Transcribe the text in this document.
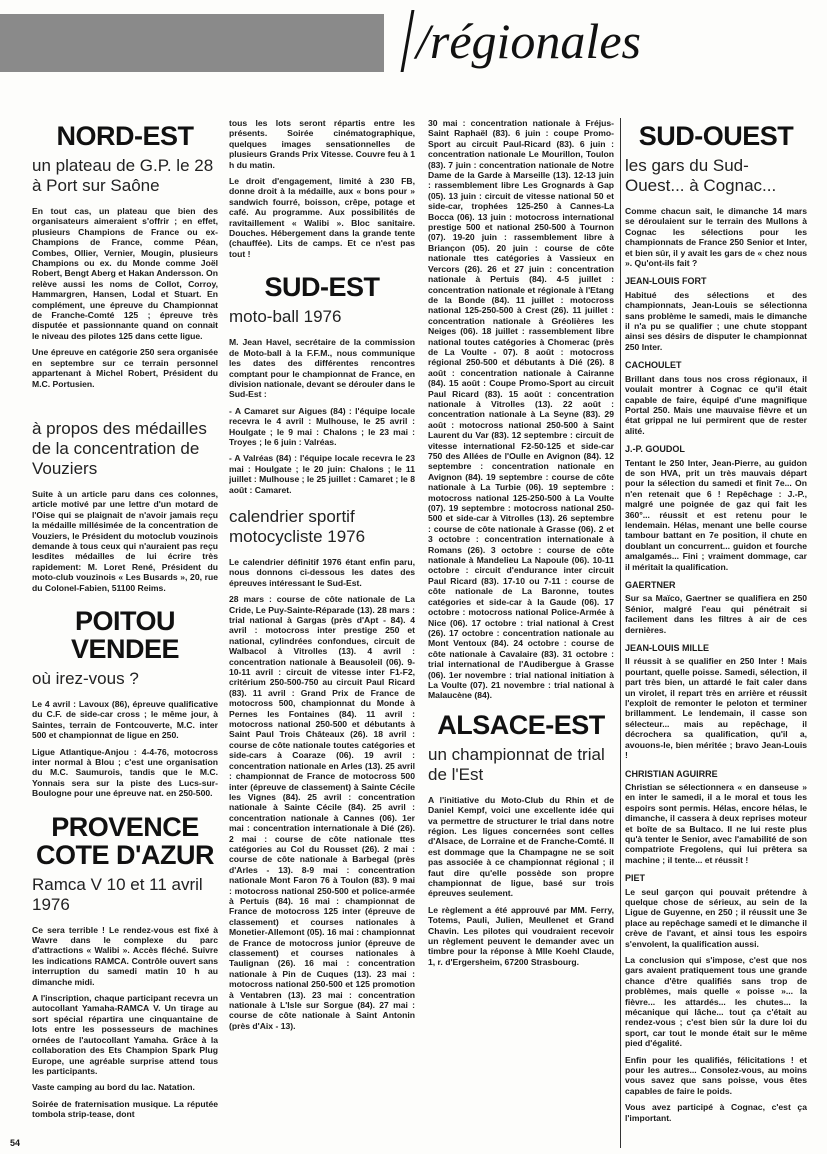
/régionales
NORD-EST
un plateau de G.P. le 28 à Port sur Saône

En tout cas, un plateau que bien des organisateurs aimeraient s'offrir ; en effet, plusieurs Champions de France ou ex-Champions de France, comme Péan, Combes, Ollier, Vernier, Mougin, plusieurs Champions ou ex. du Monde comme Joël Robert, Bengt Aberg et Hakan Andersson. On relève aussi les noms de Collot, Corroy, Hammargren, Hansen, Lodal et Stuart. En complément, une épreuve du Championnat de Franche-Comté 125 ; épreuve très disputée et passionnante quand on connait le niveau des pilotes 125 dans cette ligue.

Une épreuve en catégorie 250 sera organisée en septembre sur ce terrain personnel appartenant à Michel Robert, Président du M.C. Portusien.

à propos des médailles de la concentration de Vouziers

Suite à un article paru dans ces colonnes, article motivé par une lettre d'un motard de l'Oise qui se plaignait de n'avoir jamais reçu la médaille millésimée de la concentration de Vouziers, le Président du motoclub vouzinois demande à tous ceux qui n'auraient pas reçu lesdites médailles de lui écrire très rapidement: M. Loret René, Président du moto-club vouzinois « Les Busards », 20, rue du Colonel-Fabien, 51100 Reims.

POITOU VENDEE
où irez-vous ?

Le 4 avril : Lavoux (86), épreuve qualificative du C.F. de side-car cross ; le même jour, à Saintes, terrain de Fontcouverte, M.C. inter 500 et championnat de ligue en 250.

Ligue Atlantique-Anjou : 4-4-76, motocross inter normal à Blou ; c'est une organisation du M.C. Saumurois, tandis que le M.C. Yonnais sera sur la piste des Lucs-sur-Boulogne pour une épreuve nat. en 250-500.

PROVENCE COTE D'AZUR
Ramca V 10 et 11 avril 1976

Ce sera terrible ! Le rendez-vous est fixé à Wavre dans le complexe du parc d'attractions « Walibi ». Accès fléché. Suivre les indications RAMCA. Contrôle ouvert sans interruption du samedi matin 10 h au dimanche midi.

A l'inscription, chaque participant recevra un autocollant Yamaha-RAMCA V. Un tirage au sort spécial répartira une cinquantaine de lots entre les possesseurs de machines ornées de l'autocollant Yamaha. Grâce à la collaboration des Ets Champion Spark Plug Europe, une agréable surprise attend tous les participants.

Vaste camping au bord du lac. Natation.

Soirée de fraternisation musique. La réputée tombola strip-tease, dont

tous les lots seront répartis entre les présents. Soirée cinématographique, quelques images sensationnelles de plusieurs Grands Prix Vitesse. Couvre feu à 1 h du matin.

Le droit d'engagement, limité à 230 FB, donne droit à la médaille, aux « bons pour » sandwich fourré, boisson, crêpe, potage et café. Au programme. Aux possibilités de ravitaillement « Walibi ». Bloc sanitaire. Douches. Hébergement dans la grande tente (chauffée). Lits de camps. Et ce n'est pas tout !

SUD-EST
moto-ball 1976

M. Jean Havel, secrétaire de la commission de Moto-ball à la F.F.M., nous communique les dates des différentes rencontres comptant pour le championnat de France, en division nationale, devant se dérouler dans le Sud-Est :

- A Camaret sur Aigues (84) : l'équipe locale recevra le 4 avril : Mulhouse, le 25 avril : Houlgate ; le 9 mai : Chalons ; le 23 mai : Troyes ; le 6 juin : Valréas.

- A Valréas (84) : l'équipe locale recevra le 23 mai : Houlgate ; le 20 juin: Chalons ; le 11 juillet : Mulhouse ; le 25 juillet : Camaret ; le 8 août : Camaret.

calendrier sportif motocycliste 1976

Le calendrier définitif 1976 étant enfin paru, nous donnons ci-dessous les dates des épreuves intéressant le Sud-Est.

28 mars : course de côte nationale de La Cride, Le Puy-Sainte-Réparade (13). 28 mars : trial national à Gargas (près d'Apt - 84). 4 avril : motocross inter prestige 250 et national, cylindrées confondues, circuit de Walbacol à Vitrolles (13). 4 avril : concentration nationale à Beausoleil (06). 9-10-11 avril : circuit de vitesse inter F1-F2, critérium 250-500-750 au circuit Paul Ricard (83). 11 avril : Grand Prix de France de motocross 500, championnat du Monde à Pernes les Fontaines (84). 11 avril : motocross national 250-500 et débutants à Saint Paul Trois Châteaux (26). 18 avril : course de côte nationale toutes catégories et side-cars à Coaraze (06). 19 avril : concentration nationale en Arles (13). 25 avril : championnat de France de motocross 500 inter (épreuve de classement) à Sainte Cécile les Vignes (84). 25 avril : concentration nationale à Sainte Cécile (84). 25 avril : concentration nationale à Cannes (06). 1er mai : concentration internationale à Dié (26). 2 mai : course de côte nationale ttes catégories au Col du Rousset (26). 2 mai : course de côte nationale à Barbegal (près d'Arles - 13). 8-9 mai : concentration nationale Mont Faron 76 à Toulon (83). 9 mai : motocross national 250-500 et police-armée à Pertuis (84). 16 mai : championnat de France de motocross 125 inter (épreuve de classement) et courses nationales à Monetier-Allemont (05). 16 mai : championnat de France de motocross junior (épreuve de classement) et courses nationales à Taulignan (26). 16 mai : concentration nationale à Pin de Cuques (13). 23 mai : motocross national 250-500 et 125 promotion à Ventabren (13). 23 mai : concentration nationale à L'Isle sur Sorgue (84). 27 mai : course de côte nationale à Saint Antonin (près d'Aix - 13).

30 mai : concentration nationale à Fréjus-Saint Raphaël (83). 6 juin : coupe Promo-Sport au circuit Paul-Ricard (83). 6 juin : concentration nationale Le Mourillon, Toulon (83). 7 juin : concentration nationale de Notre Dame de la Garde à Marseille (13). 12-13 juin : rassemblement libre Les Grognards à Gap (05). 13 juin : circuit de vitesse national 50 et side-car, trophées 125-250 à Cannes-La Bocca (06). 13 juin : motocross international prestige 500 et national 250-500 à Tournon (07). 19-20 juin : rassemblement libre à Briançon (05). 20 juin : course de côte nationale ttes catégories à Vassieux en Vercors (26). 26 et 27 juin : concentration nationale à Pertuis (84). 4-5 juillet : concentration nationale et régionale à l'Etang de la Bonde (84). 11 juillet : motocross national 125-250-500 à Crest (26). 11 juillet : concentration nationale à Gréolières les Neiges (06). 18 juillet : rassemblement libre national toutes catégories à Chomerac (près de La Voulte - 07). 8 août : motocross régional 250-500 et débutants à Dié (26). 8 août : concentration nationale à Cairanne (84). 15 août : Coupe Promo-Sport au circuit Paul Ricard (83). 15 août : concentration nationale à Vitrolles (13). 22 août : concentration nationale à La Seyne (83). 29 août : motocross national 250-500 à Saint Laurent du Var (83). 12 septembre : circuit de vitesse international F2-50-125 et side-car 750 des Allées de l'Oulle en Avignon (84). 12 septembre : concentration nationale en Avignon (84). 19 septembre : course de côte nationale à La Turbie (06). 19 septembre : motocross national 125-250-500 à La Voulte (07). 19 septembre : motocross national 250-500 et side-car à Vitrolles (13). 26 septembre : course de côte nationale à Grasse (06). 2 et 3 octobre : concentration internationale à Romans (26). 3 octobre : course de côte nationale à Mandelieu La Napoule (06). 10-11 octobre : circuit d'endurance inter circuit Paul Ricard (83). 17-10 ou 7-11 : course de côte nationale de La Baronne, toutes catégories et side-car à la Gaude (06). 17 octobre : motocross national Police-Armée à Nice (06). 17 octobre : trial national à Crest (26). 17 octobre : concentration nationale au Mont Ventoux (84). 24 octobre : course de côte nationale à Cavalaire (83). 31 octobre : trial international de l'Audibergue à Grasse (06). 1er novembre : trial national initiation à La Voulte (07). 21 novembre : trial national à Malaucène (84).

ALSACE-EST
un championnat de trial de l'Est

A l'initiative du Moto-Club du Rhin et de Daniel Kempf, voici une excellente idée qui va permettre de structurer le trial dans notre région. Les ligues concernées sont celles d'Alsace, de Lorraine et de Franche-Comté. Il est dommage que la Champagne ne se soit pas associée à ce championnat régional ; il faut dire qu'elle possède son propre championnat de ligue, basé sur trois épreuves seulement.

Le règlement a été approuvé par MM. Ferry, Totems, Pauli, Julien, Meullenet et Grand Chavin. Les pilotes qui voudraient recevoir un règlement peuvent le demander avec un timbre pour la réponse à Mlle Koehl Claude, 1, r. d'Ergersheim, 67200 Strasbourg.

SUD-OUEST
les gars du Sud-Ouest... à Cognac...

Comme chacun sait, le dimanche 14 mars se déroulaient sur le terrain des Mullons à Cognac les sélections pour les championnats de France 250 Senior et Inter, et bien sûr, il y avait les gars de « chez nous ». Qu'ont-ils fait ?

JEAN-LOUIS FORT

Habitué des sélections et des championnats, Jean-Louis se sélectionna sans problème le samedi, mais le dimanche il n'a pu se qualifier ; une chute stoppant ainsi ses désirs de disputer le championnat 250 Inter.

CACHOULET

Brillant dans tous nos cross régionaux, il voulait montrer à Cognac ce qu'il était capable de faire, équipé d'une magnifique Portal 250. Mais une mauvaise fièvre et un état grippal ne lui permirent que de rester alité.

J.-P. GOUDOL

Tentant le 250 Inter, Jean-Pierre, au guidon de son HVA, prit un très mauvais départ pour la sélection du samedi et finit 7e... On n'en retenait que 6 ! Repêchage : J.-P., malgré une poignée de gaz qui fait les 360°... réussit et est retenu pour le lendemain. Hélas, menant une belle course tambour battant en 7e position, il chute en doublant un concurrent... guidon et fourche amalgamés... Fini ; vraiment dommage, car il méritait la qualification.

GAERTNER

Sur sa Maïco, Gaertner se qualifiera en 250 Sénior, malgré l'eau qui pénétrait si facilement dans les filtres à air de ces dernières.

JEAN-LOUIS MILLE

Il réussit à se qualifier en 250 Inter ! Mais pourtant, quelle poisse. Samedi, sélection, il part très bien, un attardé le fait caler dans un virolet, il repart très en arrière et réussit l'exploit de remonter le peloton et terminer brillamment. Le lendemain, il casse son sélecteur... mais au repêchage, il décrochera sa qualification, qu'il a, avouons-le, bien méritée ; bravo Jean-Louis !

CHRISTIAN AGUIRRE

Christian se sélectionnera « en danseuse » en inter le samedi, il a le moral et tous les espoirs sont permis. Hélas, encore hélas, le dimanche, il cassera à deux reprises moteur et boîte de sa Bultaco. Il ne lui reste plus qu'à tenter le Senior, avec l'amabilité de son compatriote Fregolens, qui lui prêtera sa machine ; il tente... et réussit !

PIET

Le seul garçon qui pouvait prétendre à quelque chose de sérieux, au sein de la Ligue de Guyenne, en 250 ; il réussit une 3e place au repêchage samedi et le dimanche il crève de l'avant, et ainsi tous les espoirs s'envolent, la qualification aussi.

La conclusion qui s'impose, c'est que nos gars avaient pratiquement tous une grande chance d'être qualifiés sans trop de problèmes, mais quelle « poisse »... la fièvre... les attardés... les chutes... la mécanique qui lâche... tout ça c'était au rendez-vous ; c'est bien sûr la dure loi du sport, car tout le monde était sur le même pied d'égalité.

Enfin pour les qualifiés, félicitations ! et pour les autres... Consolez-vous, au moins vous savez que sans poisse, vous êtes capables de faire le poids.

Vous avez participé à Cognac, c'est ça l'important.

54
